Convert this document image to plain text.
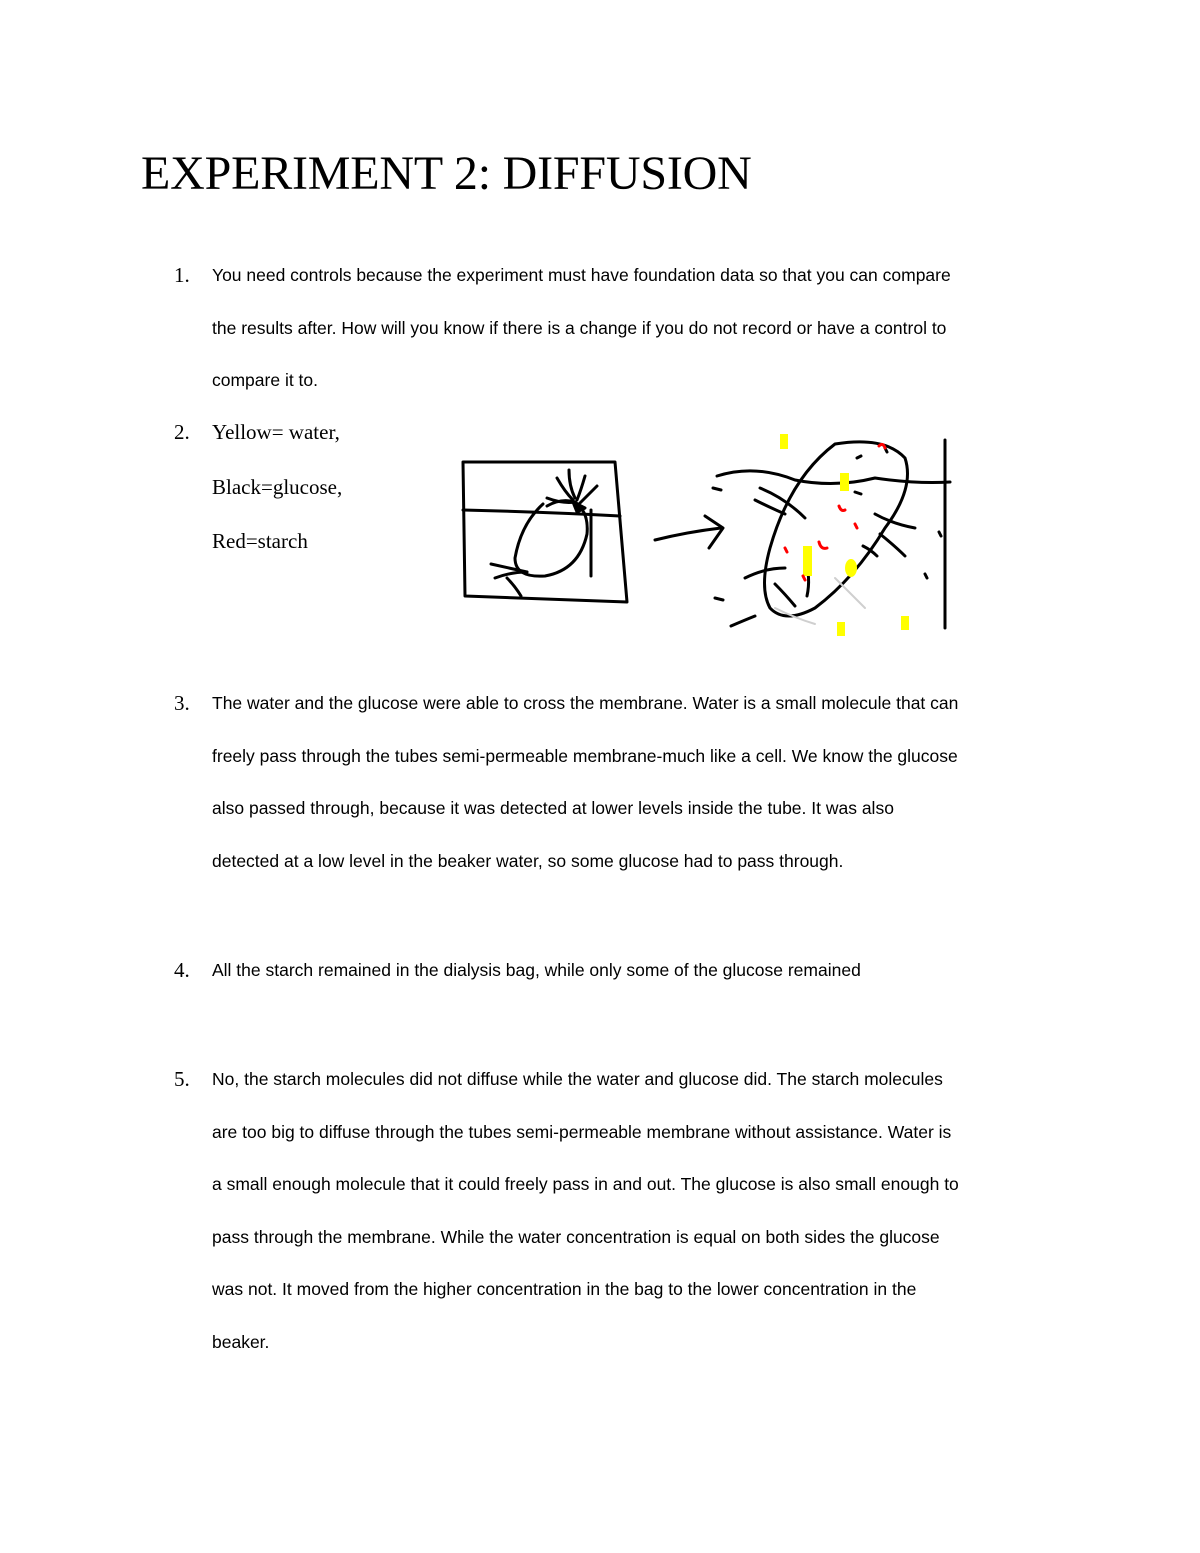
EXPERIMENT 2: DIFFUSION
1.	You need controls because the experiment must have foundation data so that you can compare
the results after. How will you know if there is a change if you do not record or have a control to
compare it to.
2.	Yellow= water,
Black=glucose,
Red=starch
3.	The water and the glucose were able to cross the membrane. Water is a small molecule that can
freely pass through the tubes semi-permeable membrane-much like a cell. We know the glucose
also passed through, because it was detected at lower levels inside the tube. It was also
detected at a low level in the beaker water, so some glucose had to pass through.
4.	All the starch remained in the dialysis bag, while only some of the glucose remained
5.	No, the starch molecules did not diffuse while the water and glucose did. The starch molecules
are too big to diffuse through the tubes semi-permeable membrane without assistance. Water is
a small enough molecule that it could freely pass in and out. The glucose is also small enough to
pass through the membrane. While the water concentration is equal on both sides the glucose
was not. It moved from the higher concentration in the bag to the lower concentration in the
beaker.
